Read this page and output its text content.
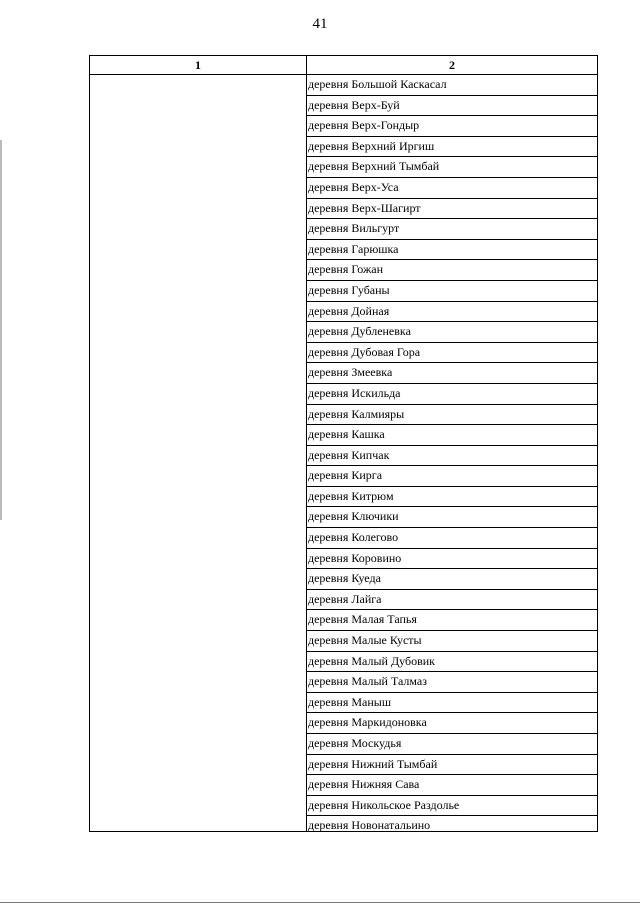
41
1	2
деревня Большой Каскасал
деревня Верх-Буй
деревня Верх-Гондыр
деревня Верхний Иргиш
деревня Верхний Тымбай
деревня Верх-Уса
деревня Верх-Шагирт
деревня Вильгурт
деревня Гарюшка
деревня Гожан
деревня Губаны
деревня Дойная
деревня Дубленевка
деревня Дубовая Гора
деревня Змеевка
деревня Искильда
деревня Калмияры
деревня Кашка
деревня Кипчак
деревня Кирга
деревня Китрюм
деревня Ключики
деревня Колегово
деревня Коровино
деревня Куеда
деревня Лайга
деревня Малая Тапья
деревня Малые Кусты
деревня Малый Дубовик
деревня Малый Талмаз
деревня Маныш
деревня Маркидоновка
деревня Москудья
деревня Нижний Тымбай
деревня Нижняя Сава
деревня Никольское Раздолье
деревня Новонатальино
